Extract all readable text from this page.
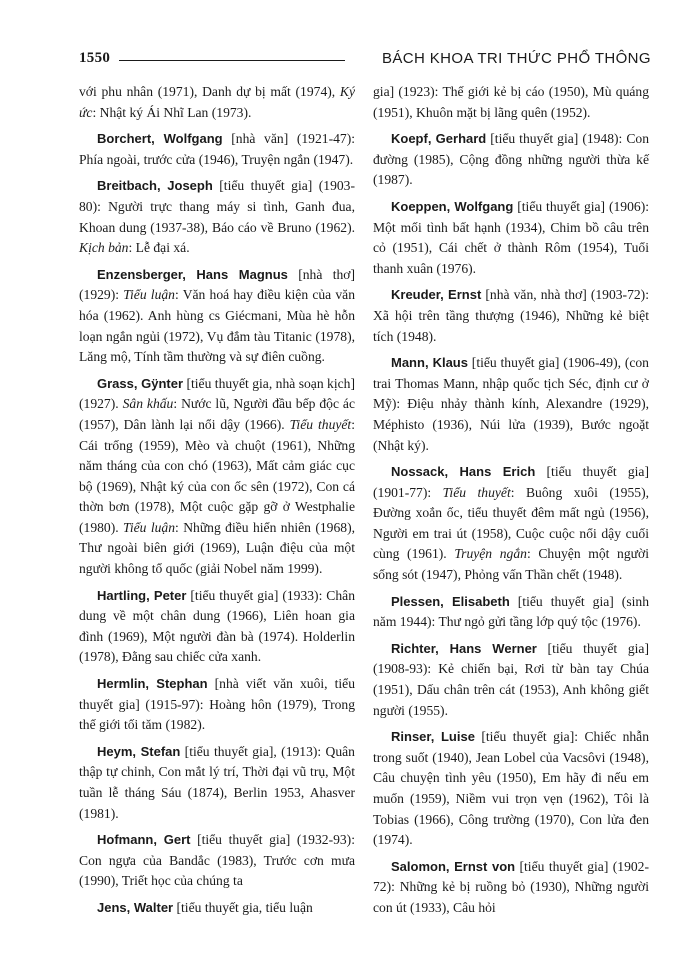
1550	BÁCH KHOA TRI THỨC PHỔ THÔNG

với phu nhân (1971), Danh dự bị mất (1974), Ký ức: Nhật ký Ái Nhĩ Lan (1973).

Borchert, Wolfgang [nhà văn] (1921-47): Phía ngoài, trước cửa (1946), Truyện ngắn (1947).

Breitbach, Joseph [tiểu thuyết gia] (1903-80): Người trực thang máy si tình, Ganh đua, Khoan dung (1937-38), Báo cáo về Bruno (1962). Kịch bản: Lễ đại xá.

Enzensberger, Hans Magnus [nhà thơ] (1929): Tiểu luận: Văn hoá hay điều kiện của văn hóa (1962). Anh hùng cs Giécmani, Mùa hè hỗn loạn ngắn ngủi (1972), Vụ đắm tàu Titanic (1978), Lăng mộ, Tính tầm thường và sự điên cuồng.

Grass, Gÿnter [tiểu thuyết gia, nhà soạn kịch] (1927). Sân khấu: Nước lũ, Người đầu bếp độc ác (1957), Dân lành lại nổi dậy (1966). Tiểu thuyết: Cái trống (1959), Mèo và chuột (1961), Những năm tháng của con chó (1963), Mất cảm giác cục bộ (1969), Nhật ký của con ốc sên (1972), Con cá thờn bơn (1978), Một cuộc gặp gỡ ở Westphalie (1980). Tiểu luận: Những điều hiển nhiên (1968), Thư ngoài biên giới (1969), Luận điệu của một người không tổ quốc (giải Nobel năm 1999).

Hartling, Peter [tiểu thuyết gia] (1933): Chân dung về một chân dung (1966), Liên hoan gia đình (1969), Một người đàn bà (1974). Holderlin (1978), Đằng sau chiếc cửa xanh.

Hermlin, Stephan [nhà viết văn xuôi, tiểu thuyết gia] (1915-97): Hoàng hôn (1979), Trong thế giới tối tăm (1982).

Heym, Stefan [tiểu thuyết gia], (1913): Quân thập tự chinh, Con mắt lý trí, Thời đại vũ trụ, Một tuần lễ tháng Sáu (1874), Berlin 1953, Ahasver (1981).

Hofmann, Gert [tiểu thuyết gia] (1932-93): Con ngựa của Bandắc (1983), Trước cơn mưa (1990), Triết học của chúng ta

Jens, Walter [tiểu thuyết gia, tiểu luận

gia] (1923): Thế giới kẻ bị cáo (1950), Mù quáng (1951), Khuôn mặt bị lãng quên (1952).

Koepf, Gerhard [tiểu thuyết gia] (1948): Con đường (1985), Cộng đồng những người thừa kế (1987).

Koeppen, Wolfgang [tiểu thuyết gia] (1906): Một mối tình bất hạnh (1934), Chim bồ câu trên cỏ (1951), Cái chết ở thành Rôm (1954), Tuổi thanh xuân (1976).

Kreuder, Ernst [nhà văn, nhà thơ] (1903-72): Xã hội trên tầng thượng (1946), Những kẻ biệt tích (1948).

Mann, Klaus [tiểu thuyết gia] (1906-49), (con trai Thomas Mann, nhập quốc tịch Séc, định cư ở Mỹ): Điệu nhảy thành kính, Alexandre (1929), Méphisto (1936), Núi lửa (1939), Bước ngoặt (Nhật ký).

Nossack, Hans Erich [tiểu thuyết gia] (1901-77): Tiểu thuyết: Buông xuôi (1955), Đường xoắn ốc, tiểu thuyết đêm mất ngủ (1956), Người em trai út (1958), Cuộc cuộc nổi dậy cuối cùng (1961). Truyện ngắn: Chuyện một người sống sót (1947), Phỏng vấn Thần chết (1948).

Plessen, Elisabeth [tiểu thuyết gia] (sinh năm 1944): Thư ngỏ gửi tầng lớp quý tộc (1976).

Richter, Hans Werner [tiểu thuyết gia] (1908-93): Kẻ chiến bại, Rơi từ bàn tay Chúa (1951), Dấu chân trên cát (1953), Anh không giết người (1955).

Rinser, Luise [tiểu thuyết gia]: Chiếc nhẫn trong suốt (1940), Jean Lobel của Vacsôvi (1948), Câu chuyện tình yêu (1950), Em hãy đi nếu em muốn (1959), Niềm vui trọn vẹn (1962), Tôi là Tobias (1966), Công trường (1970), Con lửa đen (1974).

Salomon, Ernst von [tiểu thuyết gia] (1902-72): Những kẻ bị ruồng bỏ (1930), Những người con út (1933), Câu hỏi
